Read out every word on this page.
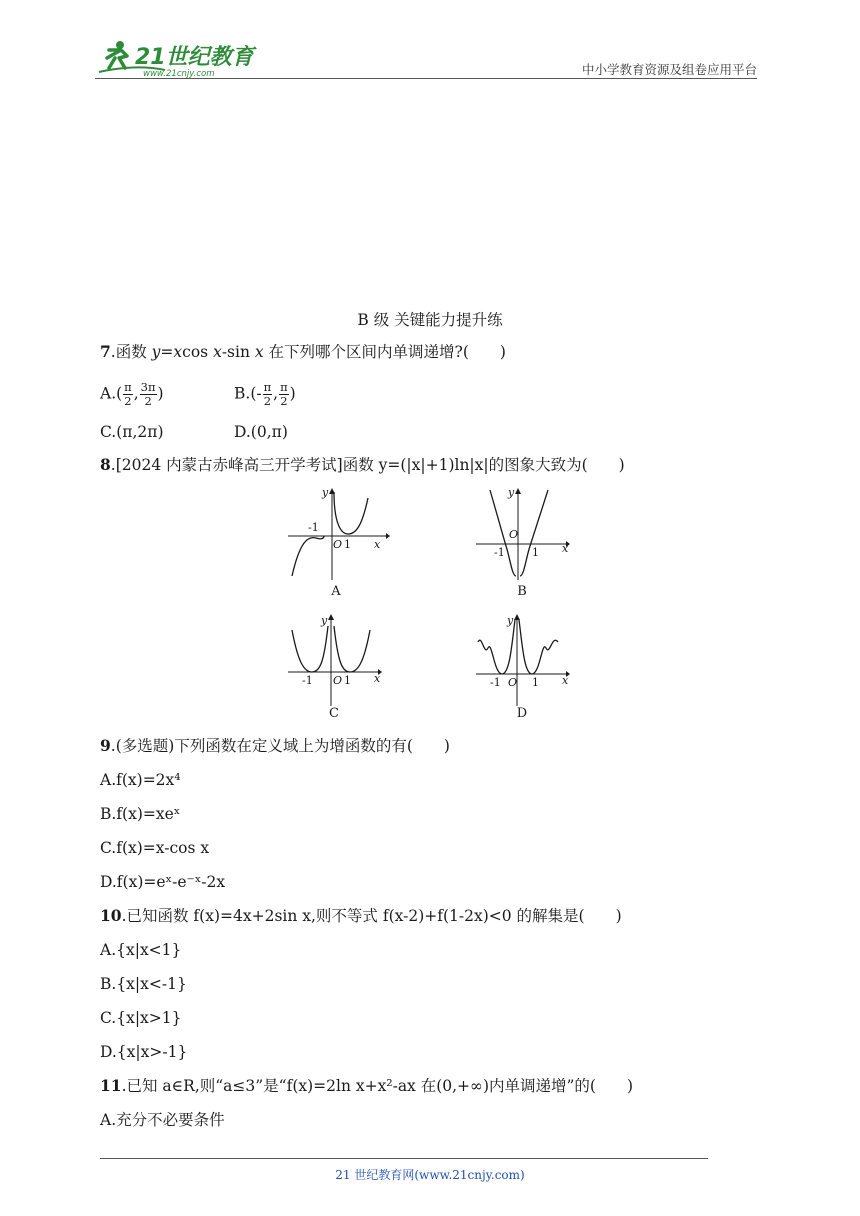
21世纪教育
www.21cnjy.com	中小学教育资源及组卷应用平台
B 级 关键能力提升练
7.函数 y=xcos x-sin x 在下列哪个区间内单调递增?(　　)
$A.( \frac{\pi}{2}$ , $\frac{3\pi}{2}$ )	$B.(- \frac{\pi}{2}$ , $\frac{\pi}{2}$ )
C.(π,2π)	D.(0,π)
8.[2024 内蒙古赤峰高三开学考试]函数 y=(|x|+1)ln|x|的图象大致为(　　)
y
x
O
-1
1
A
y
x
O
-1 1
B
y
x
O
-1	1
C
y
x
O
-1	1
D
9.(多选题)下列函数在定义域上为增函数的有(　　)
A.f(x)=2x⁴
B.f(x)=xeˣ
C.f(x)=x-cos x
D.f(x)=eˣ-e⁻ˣ-2x
10.已知函数 f(x)=4x+2sin x,则不等式 f(x-2)+f(1-2x)<0 的解集是(　　)
A.{x|x<1}
B.{x|x<-1}
C.{x|x>1}
D.{x|x>-1}
11.已知 a∈R,则“a≤3”是“f(x)=2ln x+x²-ax 在(0,+∞)内单调递增”的(　　)
A.充分不必要条件
21 世纪教育网(www.21cnjy.com)
